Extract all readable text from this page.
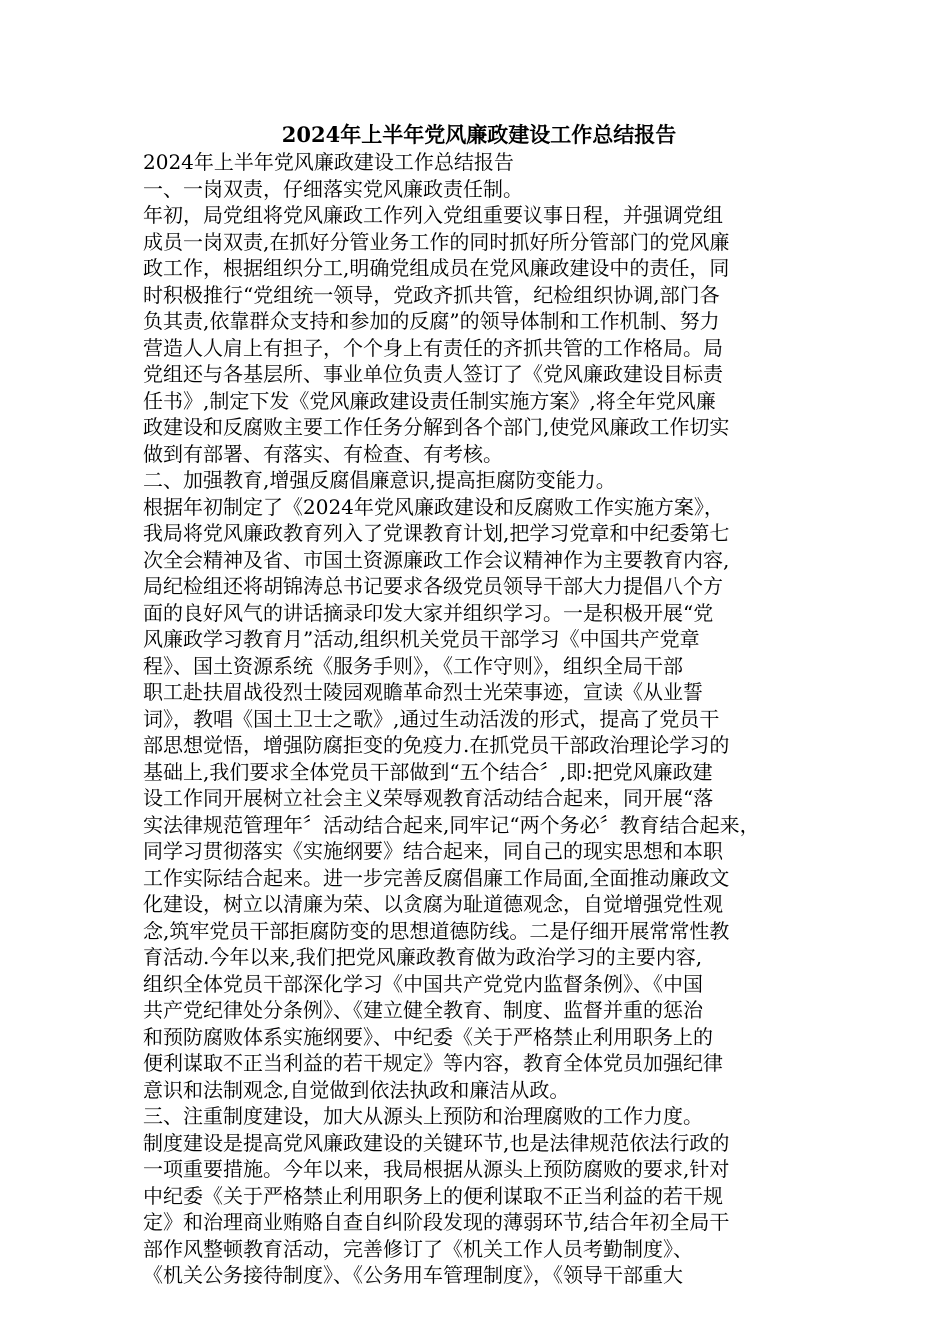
2024年上半年党风廉政建设工作总结报告
2024年上半年党风廉政建设工作总结报告
一、一岗双责，仔细落实党风廉政责任制。
年初，局党组将党风廉政工作列入党组重要议事日程，并强调党组
成员一岗双责,在抓好分管业务工作的同时抓好所分管部门的党风廉
政工作，根据组织分工,明确党组成员在党风廉政建设中的责任，同
时积极推行“党组统一领导，党政齐抓共管，纪检组织协调,部门各
负其责,依靠群众支持和参加的反腐”的领导体制和工作机制、努力
营造人人肩上有担子，个个身上有责任的齐抓共管的工作格局。局
党组还与各基层所、事业单位负责人签订了《党风廉政建设目标责
任书》,制定下发《党风廉政建设责任制实施方案》,将全年党风廉
政建设和反腐败主要工作任务分解到各个部门,使党风廉政工作切实
做到有部署、有落实、有检查、有考核。
二、加强教育,增强反腐倡廉意识,提高拒腐防变能力。
根据年初制定了《2024年党风廉政建设和反腐败工作实施方案》，
我局将党风廉政教育列入了党课教育计划,把学习党章和中纪委第七
次全会精神及省、市国土资源廉政工作会议精神作为主要教育内容,
局纪检组还将胡锦涛总书记要求各级党员领导干部大力提倡八个方
面的良好风气的讲话摘录印发大家并组织学习。一是积极开展“党
风廉政学习教育月”活动,组织机关党员干部学习《中国共产党章
程》、国土资源系统《服务手则》，《工作守则》，组织全局干部
职工赴扶眉战役烈士陵园观瞻革命烈士光荣事迹，宣读《从业誓
词》，教唱《国土卫士之歌》,通过生动活泼的形式，提高了党员干
部思想觉悟，增强防腐拒变的免疫力.在抓党员干部政治理论学习的
基础上,我们要求全体党员干部做到“五个结合〞,即:把党风廉政建
设工作同开展树立社会主义荣辱观教育活动结合起来，同开展“落
实法律规范管理年〞活动结合起来,同牢记“两个务必〞教育结合起来，
同学习贯彻落实《实施纲要》结合起来，同自己的现实思想和本职
工作实际结合起来。进一步完善反腐倡廉工作局面,全面推动廉政文
化建设，树立以清廉为荣、以贪腐为耻道德观念，自觉增强党性观
念,筑牢党员干部拒腐防变的思想道德防线。二是仔细开展常常性教
育活动.今年以来,我们把党风廉政教育做为政治学习的主要内容,
组织全体党员干部深化学习《中国共产党党内监督条例》、《中国
共产党纪律处分条例》、《建立健全教育、制度、监督并重的惩治
和预防腐败体系实施纲要》、中纪委《关于严格禁止利用职务上的
便利谋取不正当利益的若干规定》等内容，教育全体党员加强纪律
意识和法制观念,自觉做到依法执政和廉洁从政。
三、注重制度建设，加大从源头上预防和治理腐败的工作力度。
制度建设是提高党风廉政建设的关键环节,也是法律规范依法行政的
一项重要措施。今年以来，我局根据从源头上预防腐败的要求,针对
中纪委《关于严格禁止利用职务上的便利谋取不正当利益的若干规
定》和治理商业贿赂自查自纠阶段发现的薄弱环节,结合年初全局干
部作风整顿教育活动，完善修订了《机关工作人员考勤制度》、
《机关公务接待制度》、《公务用车管理制度》，《领导干部重大
